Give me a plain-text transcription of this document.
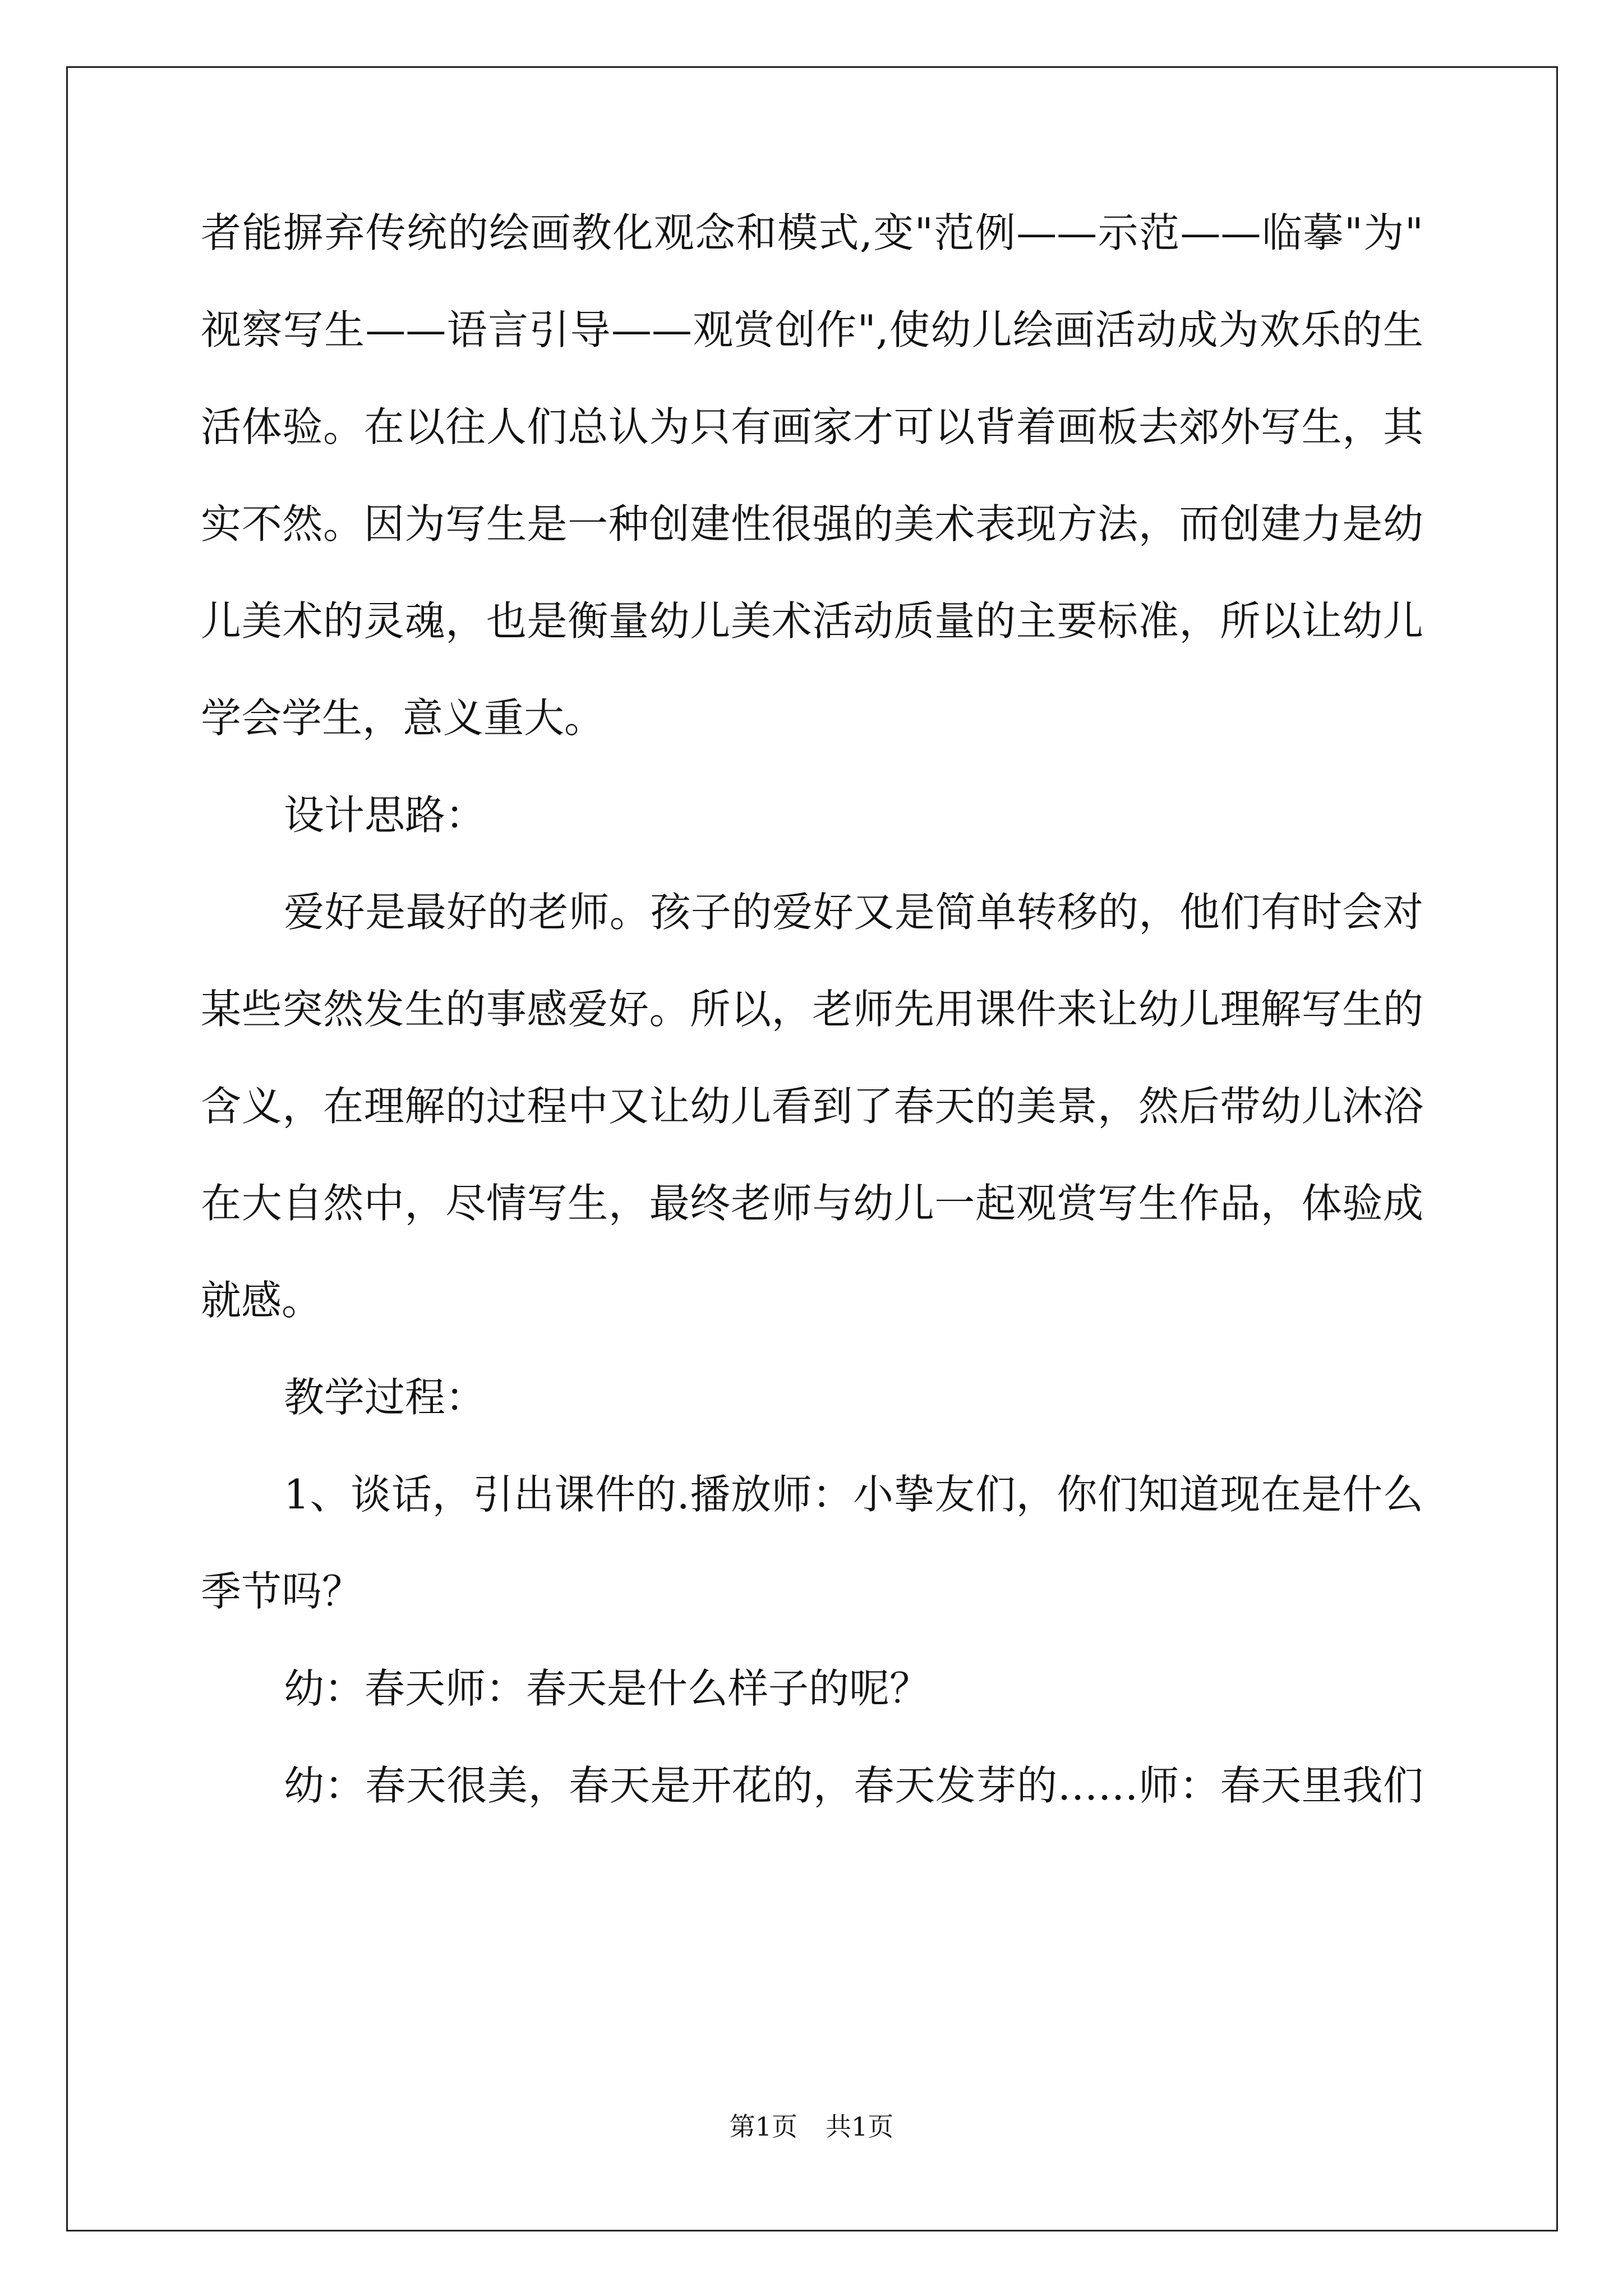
者能摒弃传统的绘画教化观念和模式,变"范例——示范——临摹"为"
视察写生——语言引导——观赏创作",使幼儿绘画活动成为欢乐的生
活体验。在以往人们总认为只有画家才可以背着画板去郊外写生，其
实不然。因为写生是一种创建性很强的美术表现方法，而创建力是幼
儿美术的灵魂，也是衡量幼儿美术活动质量的主要标准，所以让幼儿
学会学生，意义重大。
设计思路：
爱好是最好的老师。孩子的爱好又是简单转移的，他们有时会对
某些突然发生的事感爱好。所以，老师先用课件来让幼儿理解写生的
含义，在理解的过程中又让幼儿看到了春天的美景，然后带幼儿沐浴
在大自然中，尽情写生，最终老师与幼儿一起观赏写生作品，体验成
就感。
教学过程：
1、谈话，引出课件的.播放师：小挚友们，你们知道现在是什么
季节吗？
幼：春天师：春天是什么样子的呢？
幼：春天很美，春天是开花的，春天发芽的……师：春天里我们
第1页 共1页
